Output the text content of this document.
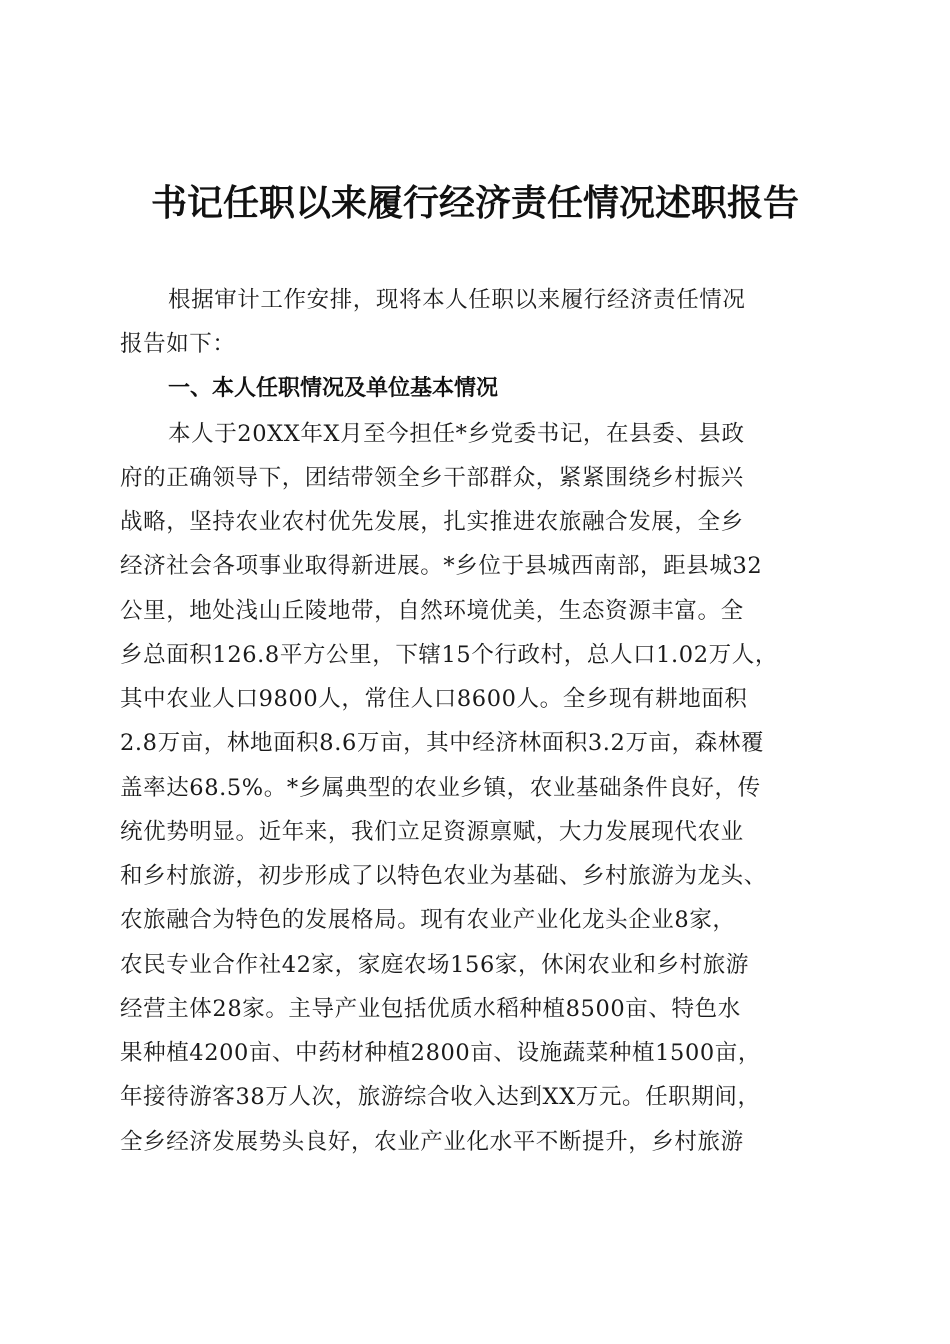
书记任职以来履行经济责任情况述职报告
根据审计工作安排，现将本人任职以来履行经济责任情况
报告如下：
一、本人任职情况及单位基本情况
本人于20XX年X月至今担任*乡党委书记，在县委、县政
府的正确领导下，团结带领全乡干部群众，紧紧围绕乡村振兴
战略，坚持农业农村优先发展，扎实推进农旅融合发展，全乡
经济社会各项事业取得新进展。*乡位于县城西南部，距县城32
公里，地处浅山丘陵地带，自然环境优美，生态资源丰富。全
乡总面积126.8平方公里，下辖15个行政村，总人口1.02万人，
其中农业人口9800人，常住人口8600人。全乡现有耕地面积
2.8万亩，林地面积8.6万亩，其中经济林面积3.2万亩，森林覆
盖率达68.5%。*乡属典型的农业乡镇，农业基础条件良好，传
统优势明显。近年来，我们立足资源禀赋，大力发展现代农业
和乡村旅游，初步形成了以特色农业为基础、乡村旅游为龙头、
农旅融合为特色的发展格局。现有农业产业化龙头企业8家，
农民专业合作社42家，家庭农场156家，休闲农业和乡村旅游
经营主体28家。主导产业包括优质水稻种植8500亩、特色水
果种植4200亩、中药材种植2800亩、设施蔬菜种植1500亩，
年接待游客38万人次，旅游综合收入达到XX万元。任职期间，
全乡经济发展势头良好，农业产业化水平不断提升，乡村旅游
